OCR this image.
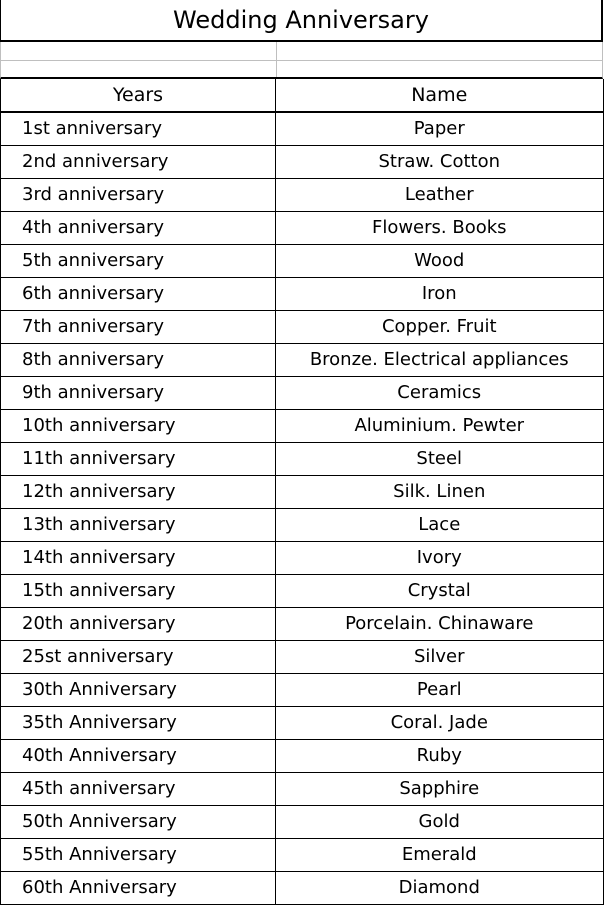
Wedding Anniversary
Years	Name
1st anniversary	Paper
2nd anniversary	Straw. Cotton
3rd anniversary	Leather
4th anniversary	Flowers. Books
5th anniversary	Wood
6th anniversary	Iron
7th anniversary	Copper. Fruit
8th anniversary	Bronze. Electrical appliances
9th anniversary	Ceramics
10th anniversary	Aluminium. Pewter
11th anniversary	Steel
12th anniversary	Silk. Linen
13th anniversary	Lace
14th anniversary	Ivory
15th anniversary	Crystal
20th anniversary	Porcelain. Chinaware
25st anniversary	Silver
30th Anniversary	Pearl
35th Anniversary	Coral. Jade
40th Anniversary	Ruby
45th anniversary	Sapphire
50th Anniversary	Gold
55th Anniversary	Emerald
60th Anniversary	Diamond
